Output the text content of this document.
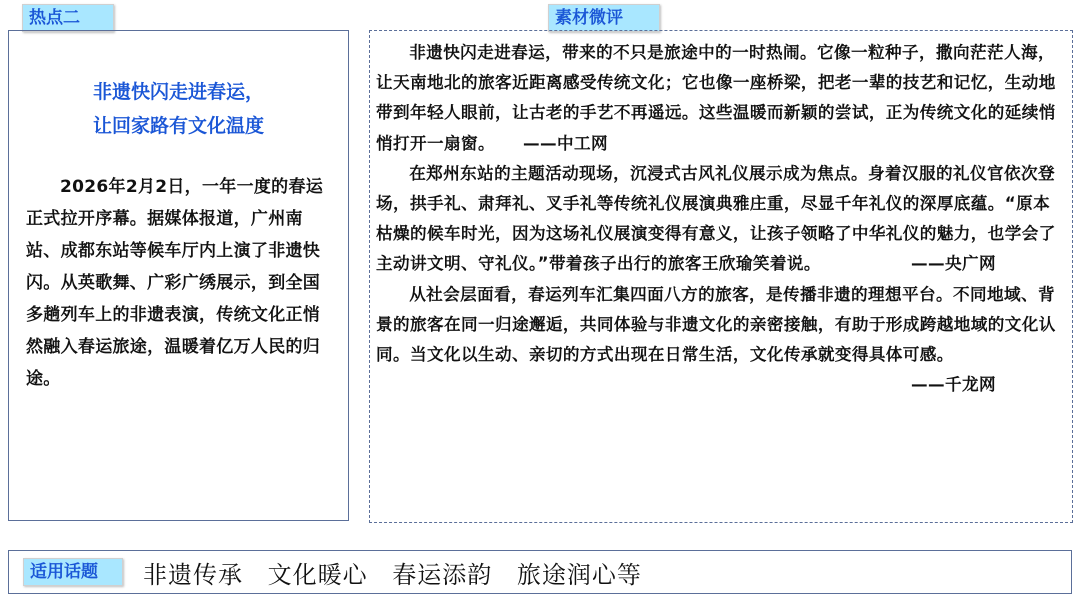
热点二	素材微评
非遗快闪走进春运，
让回家路有文化温度
2026年2月2日，一年一度的春运正式拉开序幕。据媒体报道，广州南站、成都东站等候车厅内上演了非遗快闪。从英歌舞、广彩广绣展示，到全国多趟列车上的非遗表演，传统文化正悄然融入春运旅途，温暖着亿万人民的归途。
非遗快闪走进春运，带来的不只是旅途中的一时热闹。它像一粒种子，撒向茫茫人海，让天南地北的旅客近距离感受传统文化；它也像一座桥梁，把老一辈的技艺和记忆，生动地带到年轻人眼前，让古老的手艺不再遥远。这些温暖而新颖的尝试，正为传统文化的延续悄悄打开一扇窗。 ——中工网
在郑州东站的主题活动现场，沉浸式古风礼仪展示成为焦点。身着汉服的礼仪官依次登场，拱手礼、肃拜礼、叉手礼等传统礼仪展演典雅庄重，尽显千年礼仪的深厚底蕴。“原本枯燥的候车时光，因为这场礼仪展演变得有意义，让孩子领略了中华礼仪的魅力，也学会了主动讲文明、守礼仪。”带着孩子出行的旅客王欣瑜笑着说。	——央广网
从社会层面看，春运列车汇集四面八方的旅客，是传播非遗的理想平台。不同地域、背景的旅客在同一归途邂逅，共同体验与非遗文化的亲密接触，有助于形成跨越地域的文化认同。当文化以生动、亲切的方式出现在日常生活，文化传承就变得具体可感。
——千龙网
适用话题	非遗传承 文化暖心 春运添韵 旅途润心等
